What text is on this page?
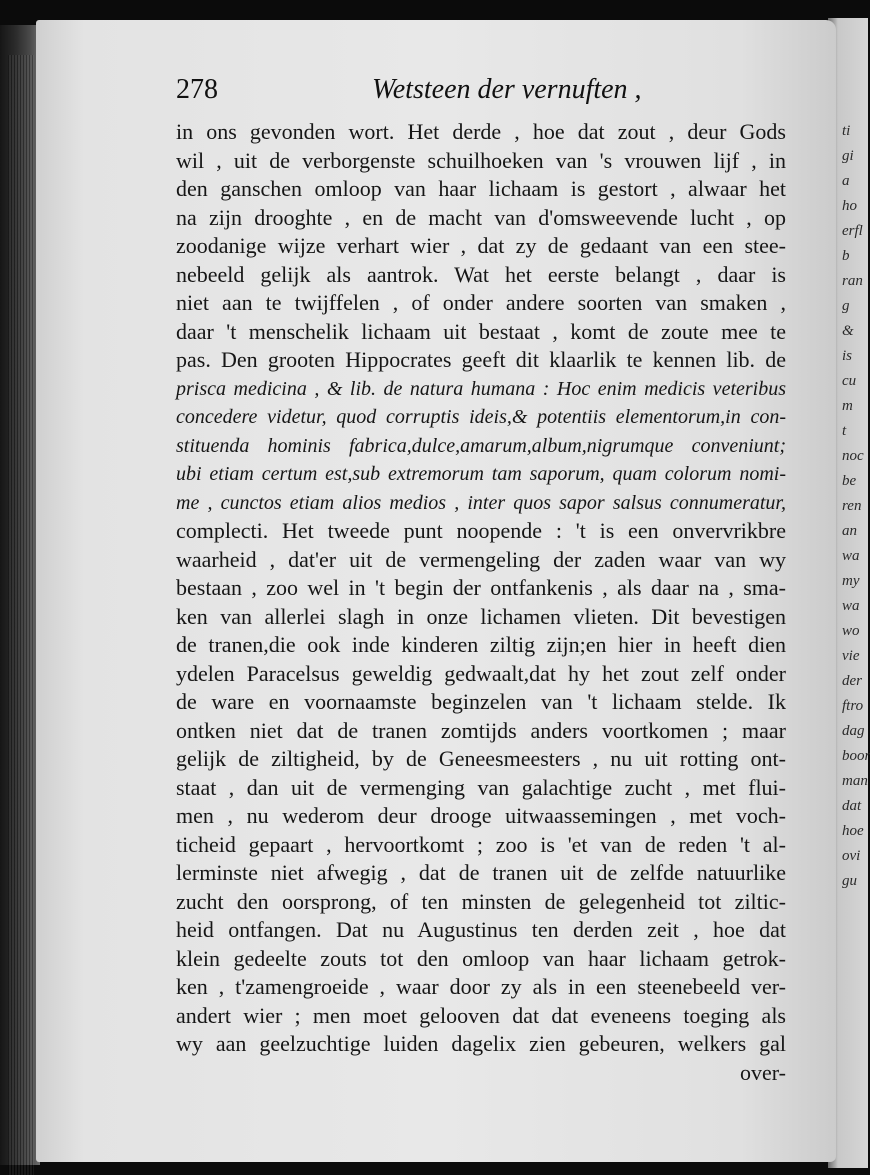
ti
gi
a
ho
erfl
b
ran
g
&
is
cu
m
t
noc
be
ren
an
wa
my
wa
wo
vie
der
ftro
dag
boor
man
dat
hoe
ovi
gu
278	Wetsteen der vernuften ,
in ons gevonden wort. Het derde , hoe dat zout , deur Gods
wil , uit de verborgenste schuilhoeken van 's vrouwen lijf , in
den ganschen omloop van haar lichaam is gestort , alwaar het
na zijn drooghte , en de macht van d'omsweevende lucht , op
zoodanige wijze verhart wier , dat zy de gedaant van een stee-
nebeeld gelijk als aantrok. Wat het eerste belangt , daar is
niet aan te twijffelen , of onder andere soorten van smaken ,
daar 't menschelik lichaam uit bestaat , komt de zoute mee te
pas. Den grooten Hippocrates geeft dit klaarlik te kennen lib. de
prisca medicina , & lib. de natura humana : Hoc enim medicis veteribus
concedere videtur, quod corruptis ideis,& potentiis elementorum,in con-
stituenda hominis fabrica,dulce,amarum,album,nigrumque conveniunt;
ubi etiam certum est,sub extremorum tam saporum, quam colorum nomi-
me , cunctos etiam alios medios , inter quos sapor salsus connumeratur,
complecti. Het tweede punt noopende : 't is een onvervrikbre
waarheid , dat'er uit de vermengeling der zaden waar van wy
bestaan , zoo wel in 't begin der ontfankenis , als daar na , sma-
ken van allerlei slagh in onze lichamen vlieten. Dit bevestigen
de tranen,die ook inde kinderen ziltig zijn;en hier in heeft dien
ydelen Paracelsus geweldig gedwaalt,dat hy het zout zelf onder
de ware en voornaamste beginzelen van 't lichaam stelde. Ik
ontken niet dat de tranen zomtijds anders voortkomen ; maar
gelijk de ziltigheid, by de Geneesmeesters , nu uit rotting ont-
staat , dan uit de vermenging van galachtige zucht , met flui-
men , nu wederom deur drooge uitwaassemingen , met voch-
ticheid gepaart , hervoortkomt ; zoo is 'et van de reden 't al-
lerminste niet afwegig , dat de tranen uit de zelfde natuurlike
zucht den oorsprong, of ten minsten de gelegenheid tot ziltic-
heid ontfangen. Dat nu Augustinus ten derden zeit , hoe dat
klein gedeelte zouts tot den omloop van haar lichaam getrok-
ken , t'zamengroeide , waar door zy als in een steenebeeld ver-
andert wier ; men moet gelooven dat dat eveneens toeging als
wy aan geelzuchtige luiden dagelix zien gebeuren, welkers gal
over-
